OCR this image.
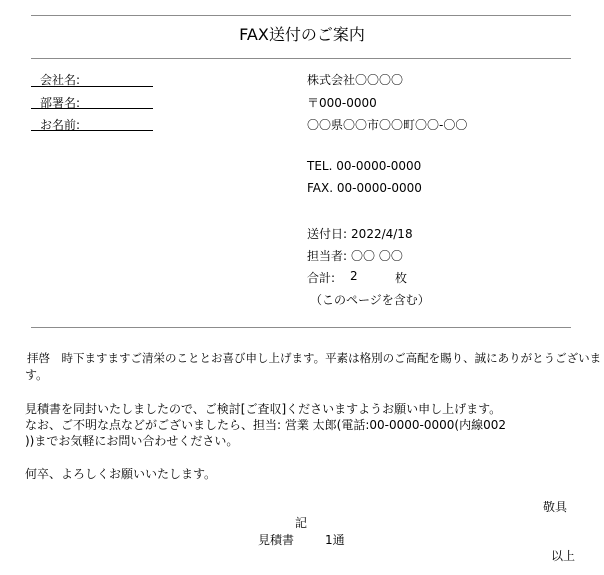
FAX送付のご案内
会社名:
部署名:
お名前:
株式会社〇〇〇〇
〒000-0000
〇〇県〇〇市〇〇町〇〇-〇〇
TEL. 00-0000-0000
FAX. 00-0000-0000
送付日: 2022/4/18
担当者: 〇〇 〇〇
合計: 2	枚
（このページを含む）
拝啓　時下ますますご清栄のこととお喜び申し上げます。平素は格別のご高配を賜り、誠にありがとうございま
す。
見積書を同封いたしましたので、ご検討[ご査収]くださいますようお願い申し上げます。
なお、ご不明な点などがございましたら、担当: 営業 太郎(電話:00-0000-0000(内線002
))までお気軽にお問い合わせください。
何卒、よろしくお願いいたします。
敬具
記
見積書	1通
以上
